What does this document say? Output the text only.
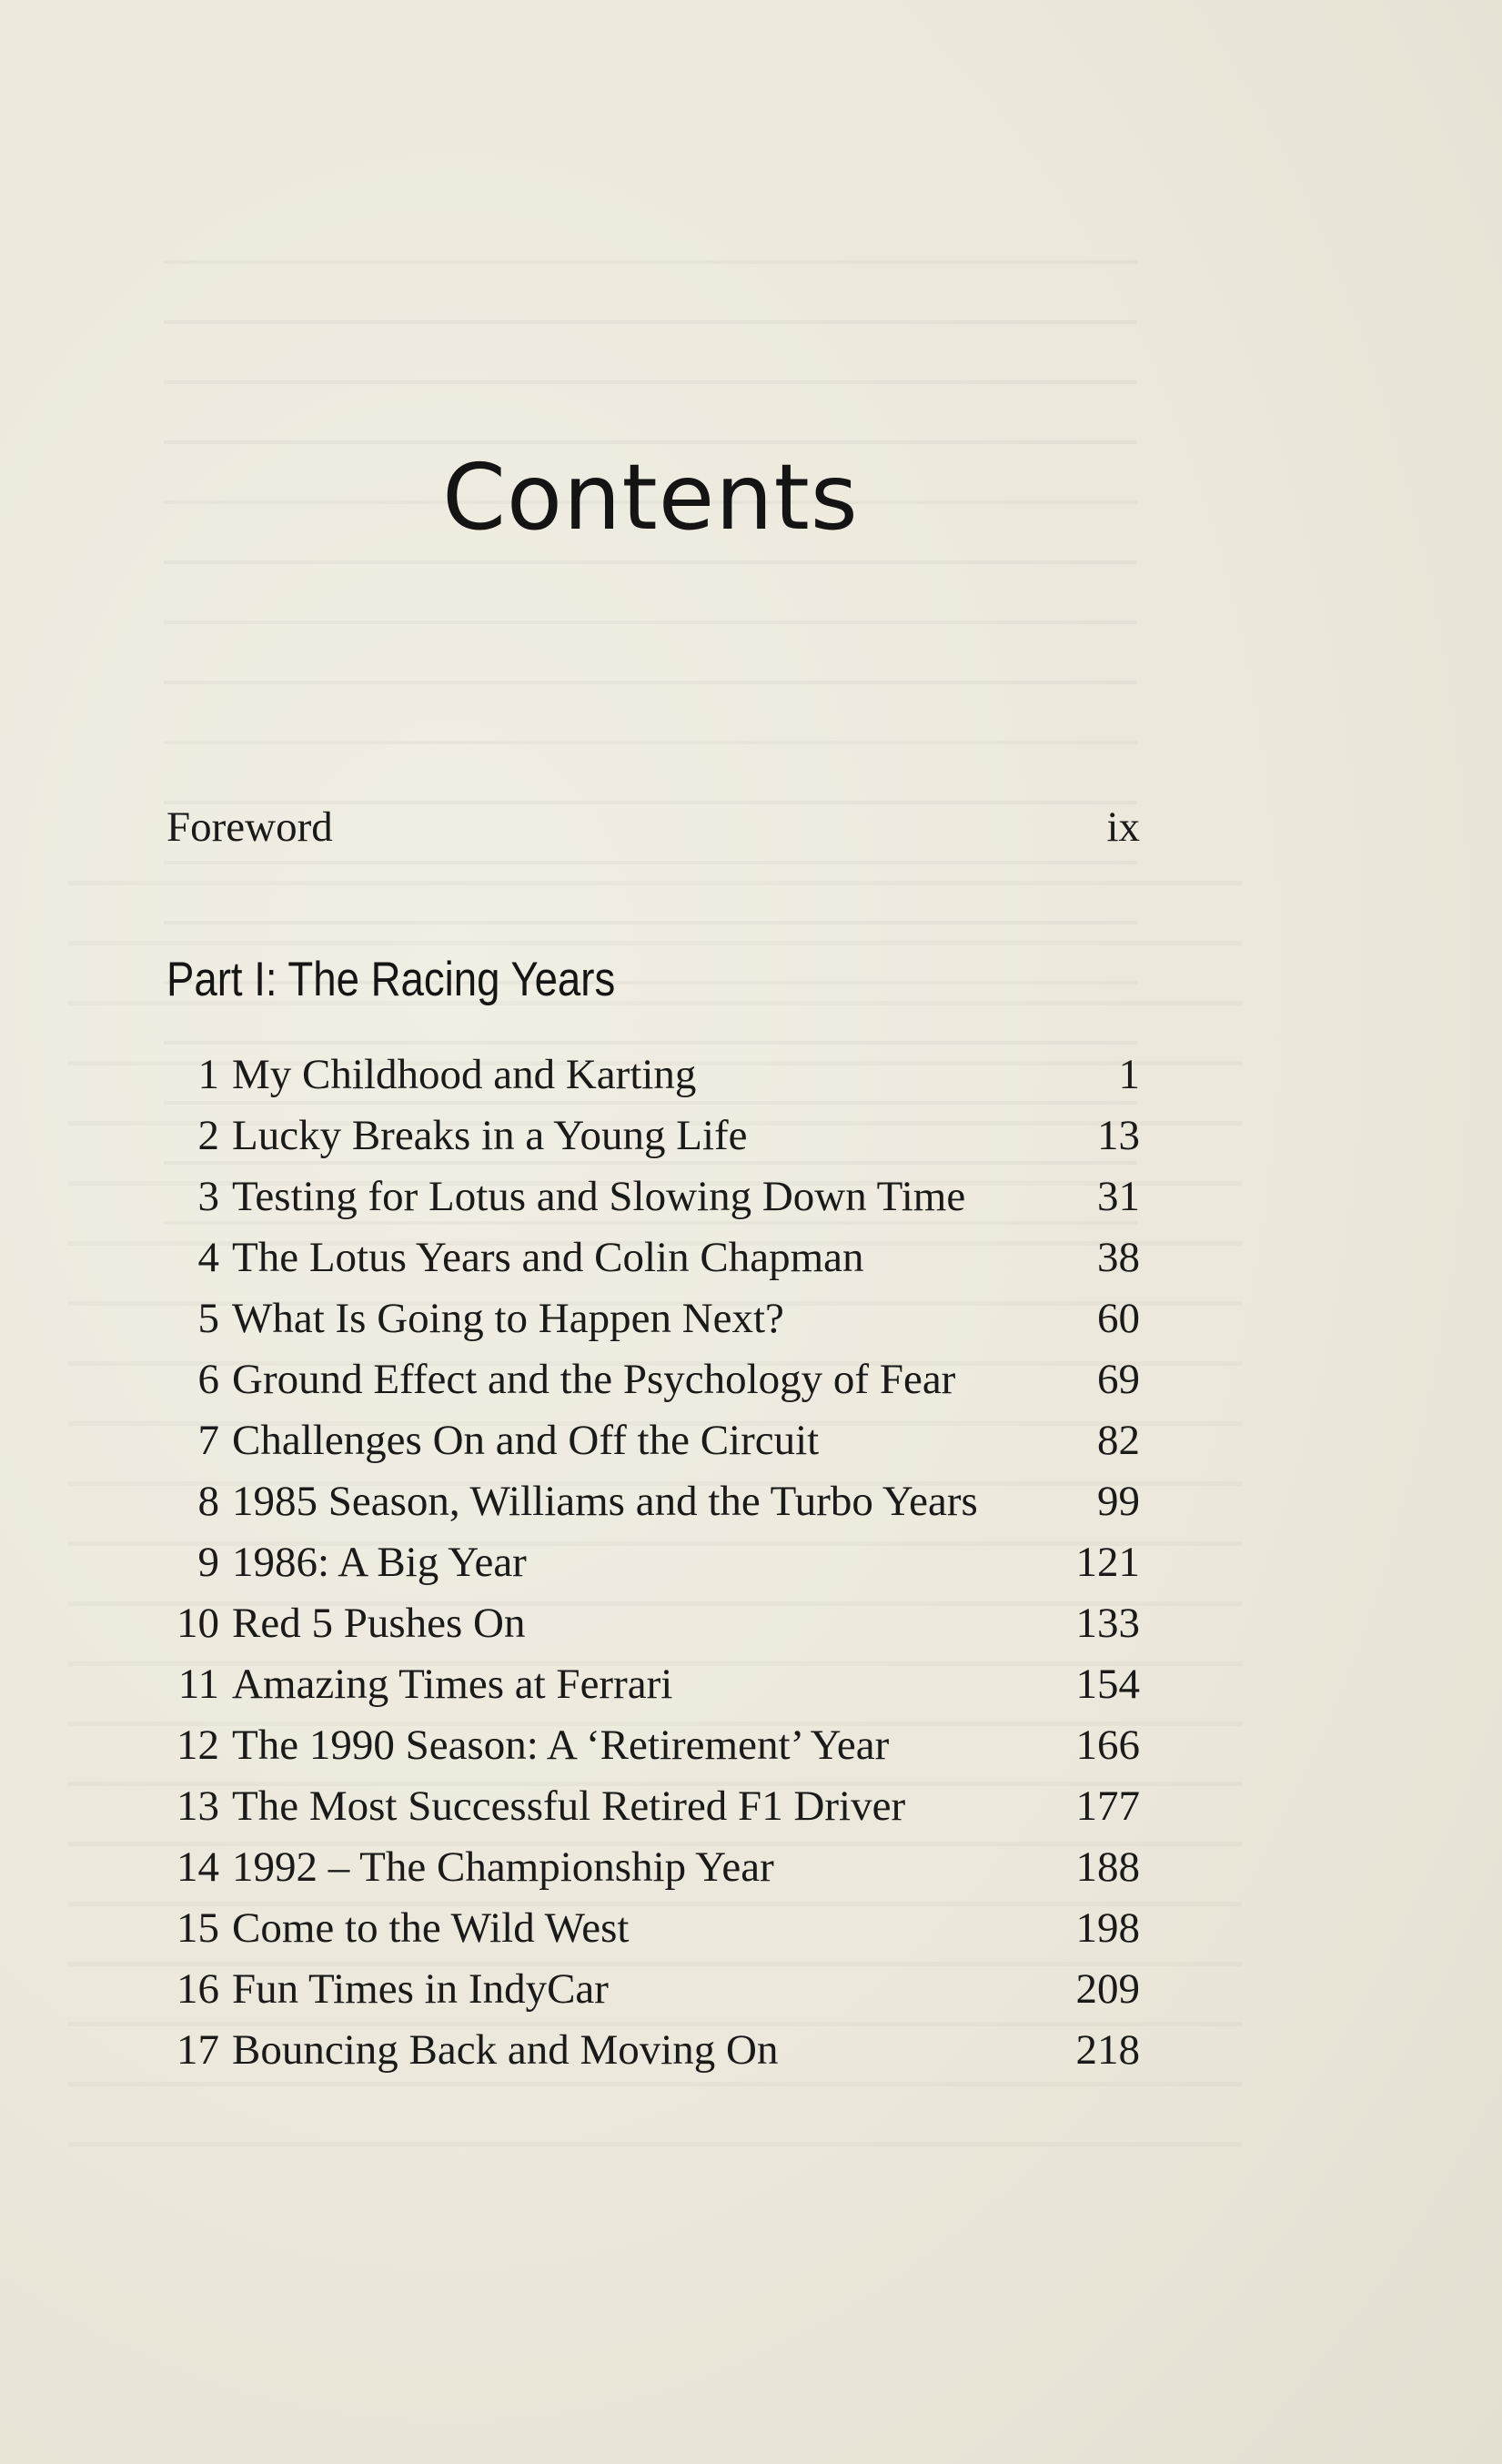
Contents
Foreword	ix
Part I: The Racing Years
1 My Childhood and Karting	1
2 Lucky Breaks in a Young Life	13
3 Testing for Lotus and Slowing Down Time	31
4 The Lotus Years and Colin Chapman	38
5 What Is Going to Happen Next?	60
6 Ground Effect and the Psychology of Fear	69
7 Challenges On and Off the Circuit	82
8 1985 Season, Williams and the Turbo Years	99
9 1986: A Big Year	121
10 Red 5 Pushes On	133
11 Amazing Times at Ferrari	154
12 The 1990 Season: A ‘Retirement’ Year	166
13 The Most Successful Retired F1 Driver	177
14 1992 – The Championship Year	188
15 Come to the Wild West	198
16 Fun Times in IndyCar	209
17 Bouncing Back and Moving On	218
